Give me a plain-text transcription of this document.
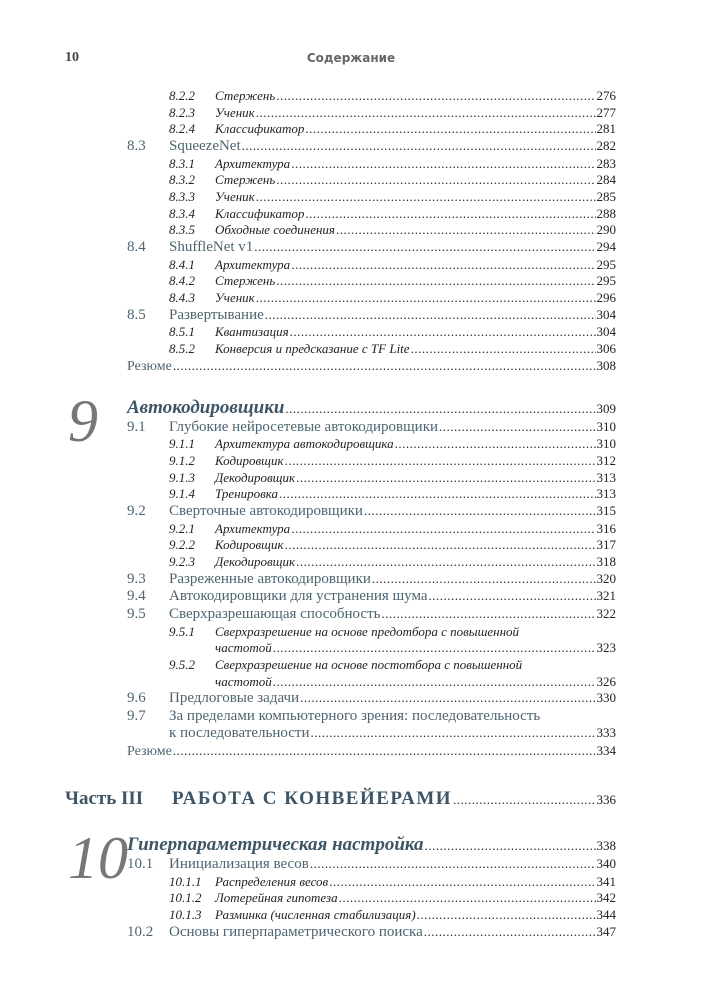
10	Содержание
8.2.2 Стержень .....	276
8.2.3 Ученик .....	277
8.2.4 Классификатор .....	281
8.3 SqueezeNet .....	282
8.3.1 Архитектура .....	283
8.3.2 Стержень .....	284
8.3.3 Ученик .....	285
8.3.4 Классификатор .....	288
8.3.5 Обходные соединения .....	290
8.4 ShuffleNet v1 .....	294
8.4.1 Архитектура .....	295
8.4.2 Стержень .....	295
8.4.3 Ученик .....	296
8.5 Развертывание .....	304
8.5.1 Квантизация .....	304
8.5.2 Конверсия и предсказание с TF Lite .....	306
Резюме .....	308
9 Автокодировщики .....	309
9.1 Глубокие нейросетевые автокодировщики .....	310
9.1.1 Архитектура автокодировщика .....	310
9.1.2 Кодировщик .....	312
9.1.3 Декодировщик .....	313
9.1.4 Тренировка .....	313
9.2 Сверточные автокодировщики .....	315
9.2.1 Архитектура .....	316
9.2.2 Кодировщик .....	317
9.2.3 Декодировщик .....	318
9.3 Разреженные автокодировщики .....	320
9.4 Автокодировщики для устранения шума .....	321
9.5 Сверхразрешающая способность .....	322
9.5.1 Сверхразрешение на основе предотбора с повышенной
частотой .....	323
9.5.2 Сверхразрешение на основе постотбора с повышенной
частотой .....	326
9.6 Предлоговые задачи .....	330
9.7 За пределами компьютерного зрения: последовательность
к последовательности .....	333
Резюме .....	334
Часть III РАБОТА С КОНВЕЙЕРАМИ .....	336
10 Гиперпараметрическая настройка .....	338
10.1 Инициализация весов .....	340
10.1.1 Распределения весов .....	341
10.1.2 Лотерейная гипотеза .....	342
10.1.3 Разминка (численная стабилизация) .....	344
10.2 Основы гиперпараметрического поиска .....	347
